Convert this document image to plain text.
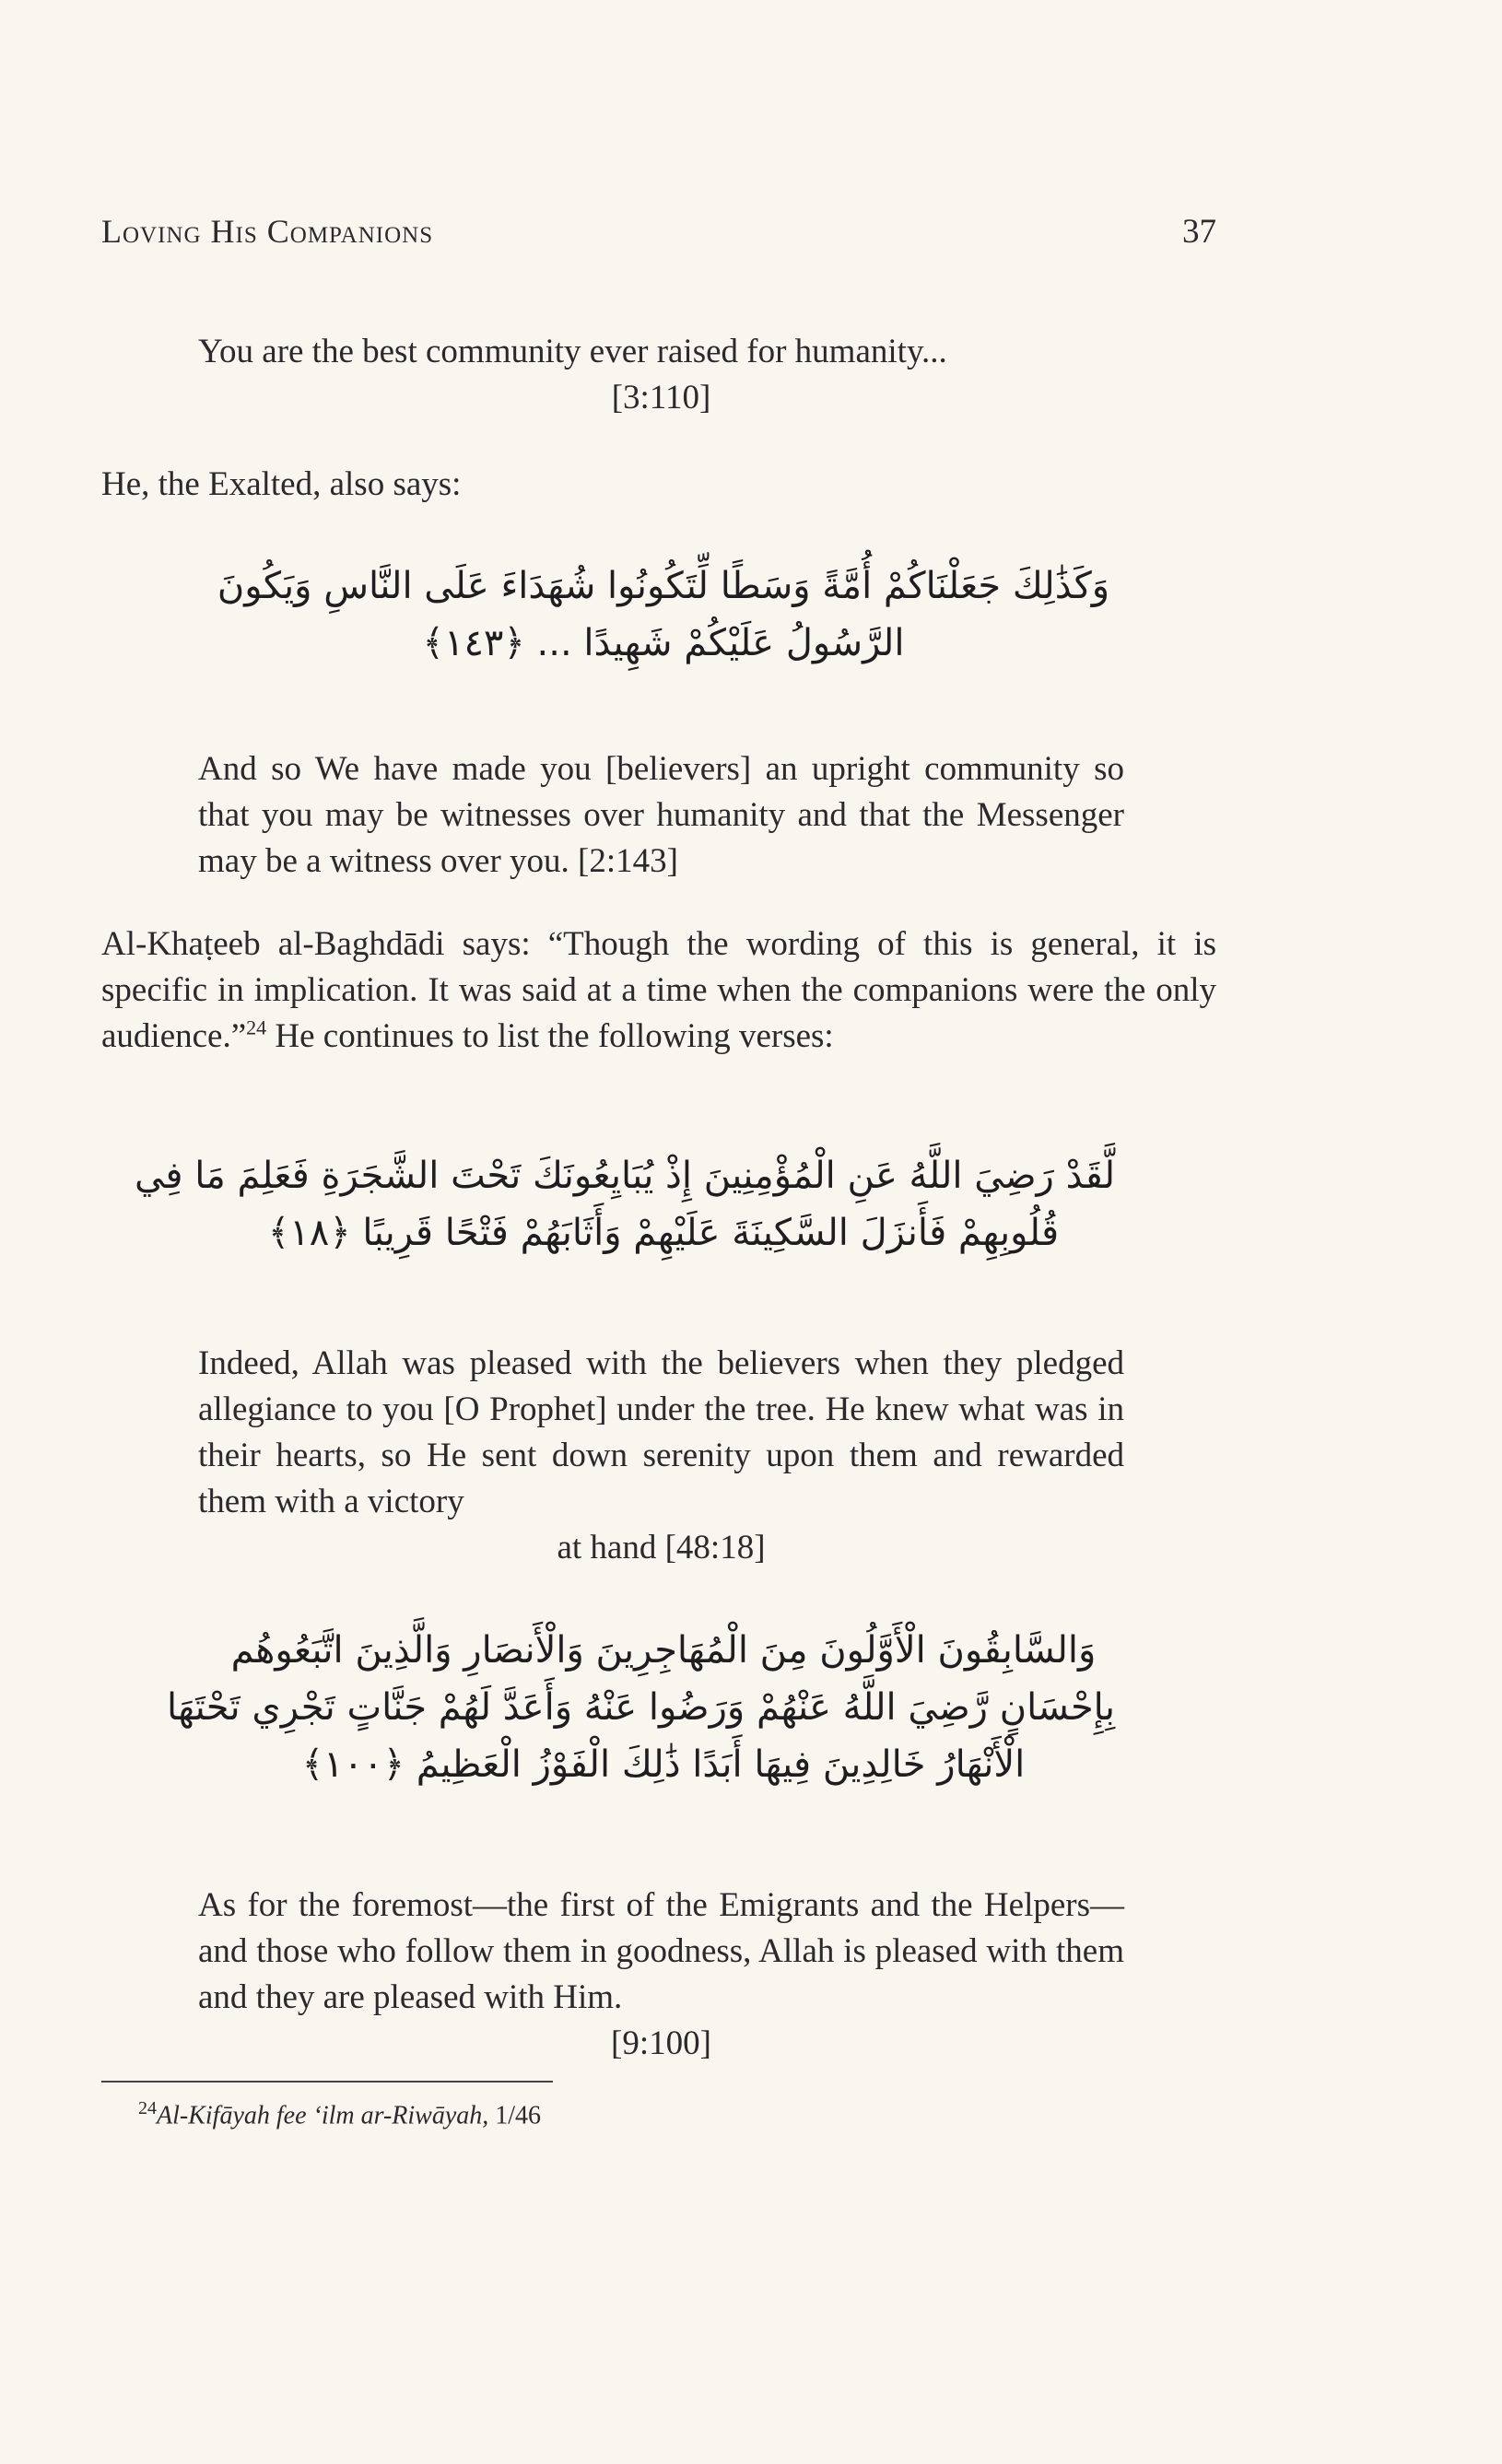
Loving His Companions	37
You are the best community ever raised for humanity...
[3:110]
He, the Exalted, also says:
وَكَذَٰلِكَ جَعَلْنَاكُمْ أُمَّةً وَسَطًا لِّتَكُونُوا شُهَدَاءَ عَلَى النَّاسِ وَيَكُونَ
الرَّسُولُ عَلَيْكُمْ شَهِيدًا ... ﴿١٤٣﴾
And so We have made you [believers] an upright community so that you may be witnesses over humanity and that the Messenger may be a witness over you. [2:143]
Al-Khaṭeeb al-Baghdādi says: “Though the wording of this is general, it is specific in implication. It was said at a time when the companions were the only audience.”$^{24}$ He continues to list the following verses:
لَّقَدْ رَضِيَ اللَّهُ عَنِ الْمُؤْمِنِينَ إِذْ يُبَايِعُونَكَ تَحْتَ الشَّجَرَةِ فَعَلِمَ مَا فِي
قُلُوبِهِمْ فَأَنزَلَ السَّكِينَةَ عَلَيْهِمْ وَأَثَابَهُمْ فَتْحًا قَرِيبًا ﴿١٨﴾
Indeed, Allah was pleased with the believers when they pledged allegiance to you [O Prophet] under the tree. He knew what was in their hearts, so He sent down serenity upon them and rewarded them with a victory
at hand [48:18]
وَالسَّابِقُونَ الْأَوَّلُونَ مِنَ الْمُهَاجِرِينَ وَالْأَنصَارِ وَالَّذِينَ اتَّبَعُوهُم
بِإِحْسَانٍ رَّضِيَ اللَّهُ عَنْهُمْ وَرَضُوا عَنْهُ وَأَعَدَّ لَهُمْ جَنَّاتٍ تَجْرِي تَحْتَهَا
الْأَنْهَارُ خَالِدِينَ فِيهَا أَبَدًا ذَٰلِكَ الْفَوْزُ الْعَظِيمُ ﴿١٠٠﴾
As for the foremost—the first of the Emigrants and the Helpers—and those who follow them in goodness, Allah is pleased with them and they are pleased with Him.
[9:100]
$^{24}$Al-Kifāyah fee ‘ilm ar-Riwāyah, 1/46
